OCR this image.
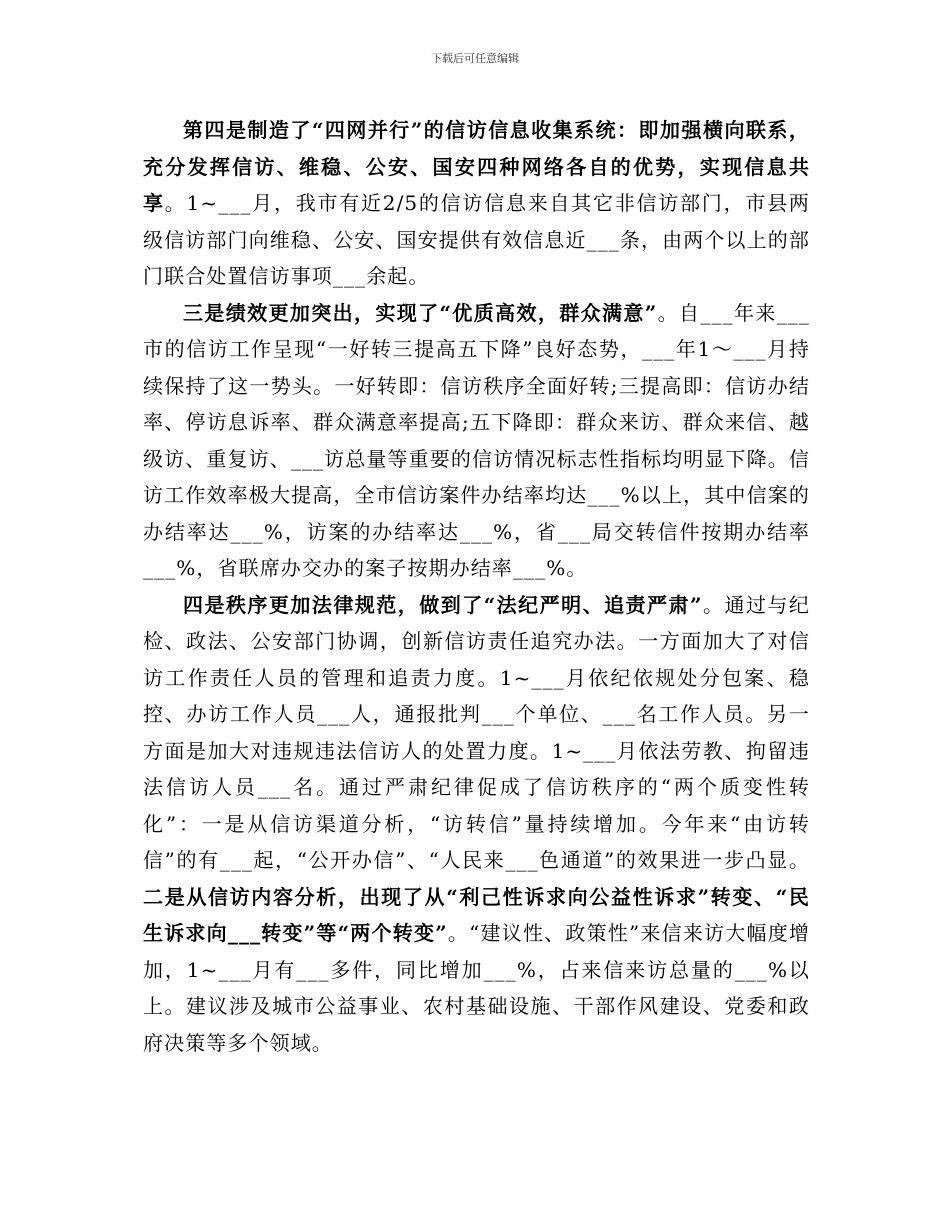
下载后可任意编辑

第四是制造了“四网并行”的信访信息收集系统：即加强横向联系，充分发挥信访、维稳、公安、国安四种网络各自的优势，实现信息共享。1~___月，我市有近2/5的信访信息来自其它非信访部门，市县两级信访部门向维稳、公安、国安提供有效信息近___条，由两个以上的部门联合处置信访事项___余起。

三是绩效更加突出，实现了“优质高效，群众满意”。自___年来___市的信访工作呈现“一好转三提高五下降”良好态势，___年1～___月持续保持了这一势头。一好转即：信访秩序全面好转;三提高即：信访办结率、停访息诉率、群众满意率提高;五下降即：群众来访、群众来信、越级访、重复访、___访总量等重要的信访情况标志性指标均明显下降。信访工作效率极大提高，全市信访案件办结率均达___%以上，其中信案的办结率达___%，访案的办结率达___%，省___局交转信件按期办结率___%，省联席办交办的案子按期办结率___%。

四是秩序更加法律规范，做到了“法纪严明、追责严肃”。通过与纪检、政法、公安部门协调，创新信访责任追究办法。一方面加大了对信访工作责任人员的管理和追责力度。1~___月依纪依规处分包案、稳控、办访工作人员___人，通报批判___个单位、___名工作人员。另一方面是加大对违规违法信访人的处置力度。1~___月依法劳教、拘留违法信访人员___名。通过严肃纪律促成了信访秩序的“两个质变性转化”：一是从信访渠道分析，“访转信”量持续增加。今年来“由访转信”的有___起，“公开办信”、“人民来___色通道”的效果进一步凸显。二是从信访内容分析，出现了从“利己性诉求向公益性诉求”转变、“民生诉求向___转变”等“两个转变”。“建议性、政策性”来信来访大幅度增加，1~___月有___多件，同比增加___%，占来信来访总量的___%以上。建议涉及城市公益事业、农村基础设施、干部作风建设、党委和政府决策等多个领域。
